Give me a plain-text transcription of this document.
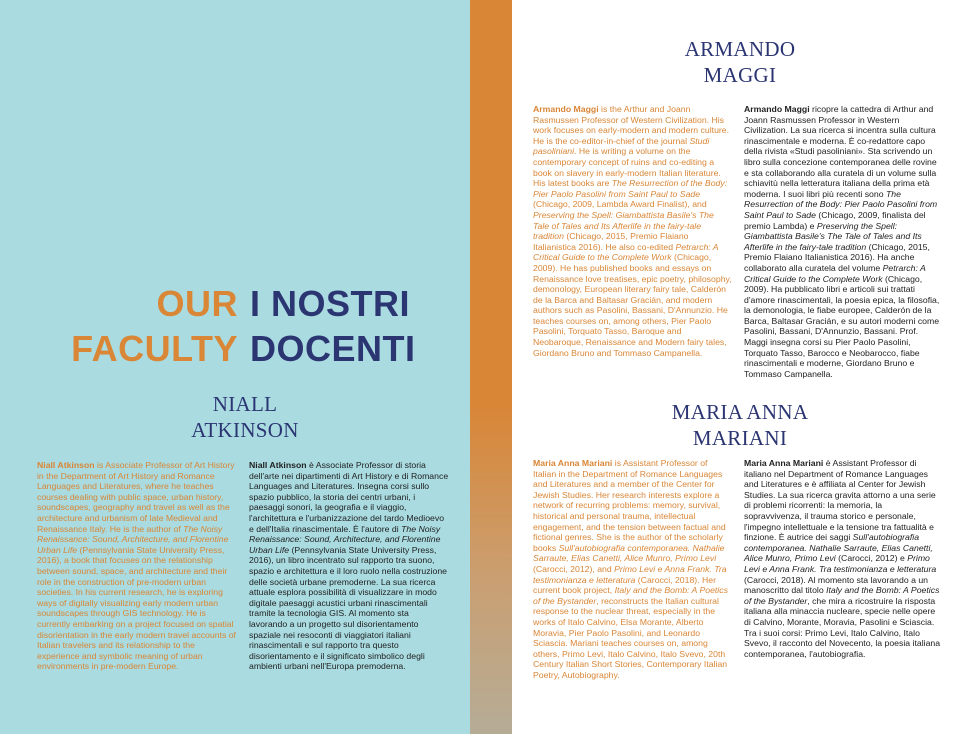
OUR
FACULTY
I NOSTRI
DOCENTI
NIALL
ATKINSON
Niall Atkinson is Associate Professor of Art History in the Department of Art History and Romance Languages and Literatures, where he teaches courses dealing with public space, urban history, soundscapes, geography and travel as well as the architecture and urbanism of late Medieval and Renaissance Italy. He is the author of The Noisy Renaissance: Sound, Architecture, and Florentine Urban Life (Pennsylvania State University Press, 2016), a book that focuses on the relationship between sound, space, and architecture and their role in the construction of pre-modern urban societies. In his current research, he is exploring ways of digitally visualizing early modern urban soundscapes through GIS technology. He is currently embarking on a project focused on spatial disorientation in the early modern travel accounts of Italian travelers and its relationship to the experience and symbolic meaning of urban environments in pre-modern Europe.
Niall Atkinson è Associate Professor di storia dell'arte nei dipartimenti di Art History e di Romance Languages and Literatures. Insegna corsi sullo spazio pubblico, la storia dei centri urbani, i paesaggi sonori, la geografia e il viaggio, l'architettura e l'urbanizzazione del tardo Medioevo e dell'Italia rinascimentale. È l'autore di The Noisy Renaissance: Sound, Architecture, and Florentine Urban Life (Pennsylvania State University Press, 2016), un libro incentrato sul rapporto tra suono, spazio e architettura e il loro ruolo nella costruzione delle società urbane premoderne. La sua ricerca attuale esplora possibilità di visualizzare in modo digitale paesaggi acustici urbani rinascimentali tramite la tecnologia GIS. Al momento sta lavorando a un progetto sul disorientamento spaziale nei resoconti di viaggiatori italiani rinascimentali e sul rapporto tra questo disorientamento e il significato simbolico degli ambienti urbani nell'Europa premoderna.
ARMANDO
MAGGI
Armando Maggi is the Arthur and Joann Rasmussen Professor of Western Civilization. His work focuses on early-modern and modern culture. He is the co-editor-in-chief of the journal Studi pasoliniani. He is writing a volume on the contemporary concept of ruins and co-editing a book on slavery in early-modern Italian literature. His latest books are The Resurrection of the Body: Pier Paolo Pasolini from Saint Paul to Sade (Chicago, 2009, Lambda Award Finalist), and Preserving the Spell: Giambattista Basile's The Tale of Tales and Its Afterlife in the fairy-tale tradition (Chicago, 2015, Premio Flaiano Italianistica 2016). He also co-edited Petrarch: A Critical Guide to the Complete Work (Chicago, 2009). He has published books and essays on Renaissance love treatises, epic poetry, philosophy, demonology, European literary fairy tale, Calderón de la Barca and Baltasar Gracián, and modern authors such as Pasolini, Bassani, D'Annunzio. He teaches courses on, among others, Pier Paolo Pasolini, Torquato Tasso, Baroque and Neobaroque, Renaissance and Modern fairy tales, Giordano Bruno and Tommaso Campanella.
Armando Maggi ricopre la cattedra di Arthur and Joann Rasmussen Professor in Western Civilization. La sua ricerca si incentra sulla cultura rinascimentale e moderna. È co-redattore capo della rivista «Studi pasoliniani». Sta scrivendo un libro sulla concezione contemporanea delle rovine e sta collaborando alla curatela di un volume sulla schiavitù nella letteratura italiana della prima età moderna. I suoi libri più recenti sono The Resurrection of the Body: Pier Paolo Pasolini from Saint Paul to Sade (Chicago, 2009, finalista del premio Lambda) e Preserving the Spell: Giambattista Basile's The Tale of Tales and Its Afterlife in the fairy-tale tradition (Chicago, 2015, Premio Flaiano Italianistica 2016). Ha anche collaborato alla curatela del volume Petrarch: A Critical Guide to the Complete Work (Chicago, 2009). Ha pubblicato libri e articoli sui trattati d'amore rinascimentali, la poesia epica, la filosofia, la demonologia, le fiabe europee, Calderón de la Barca, Baltasar Gracián, e su autori moderni come Pasolini, Bassani, D'Annunzio, Bassani. Prof. Maggi insegna corsi su Pier Paolo Pasolini, Torquato Tasso, Barocco e Neobarocco, fiabe rinascimentali e moderne, Giordano Bruno e Tommaso Campanella.
MARIA ANNA
MARIANI
Maria Anna Mariani is Assistant Professor of Italian in the Department of Romance Languages and Literatures and a member of the Center for Jewish Studies. Her research interests explore a network of recurring problems: memory, survival, historical and personal trauma, intellectual engagement, and the tension between factual and fictional genres. She is the author of the scholarly books Sull'autobiografia contemporanea. Nathalie Sarraute, Elias Canetti, Alice Munro, Primo Levi (Carocci, 2012), and Primo Levi e Anna Frank. Tra testimonianza e letteratura (Carocci, 2018). Her current book project, Italy and the Bomb: A Poetics of the Bystander, reconstructs the Italian cultural response to the nuclear threat, especially in the works of Italo Calvino, Elsa Morante, Alberto Moravia, Pier Paolo Pasolini, and Leonardo Sciascia. Mariani teaches courses on, among others, Primo Levi, Italo Calvino, Italo Svevo, 20th Century Italian Short Stories, Contemporary Italian Poetry, Autobiography.
Maria Anna Mariani è Assistant Professor di italiano nel Department of Romance Languages and Literatures e è affiliata al Center for Jewish Studies. La sua ricerca gravita attorno a una serie di problemi ricorrenti: la memoria, la sopravvivenza, il trauma storico e personale, l'impegno intellettuale e la tensione tra fattualità e finzione. È autrice dei saggi Sull'autobiografia contemporanea. Nathalie Sarraute, Elias Canetti, Alice Munro, Primo Levi (Carocci, 2012) e Primo Levi e Anna Frank. Tra testimonianza e letteratura (Carocci, 2018). Al momento sta lavorando a un manoscritto dal titolo Italy and the Bomb: A Poetics of the Bystander, che mira a ricostruire la risposta italiana alla minaccia nucleare, specie nelle opere di Calvino, Morante, Moravia, Pasolini e Sciascia. Tra i suoi corsi: Primo Levi, Italo Calvino, Italo Svevo, il racconto del Novecento, la poesia italiana contemporanea, l'autobiografia.
